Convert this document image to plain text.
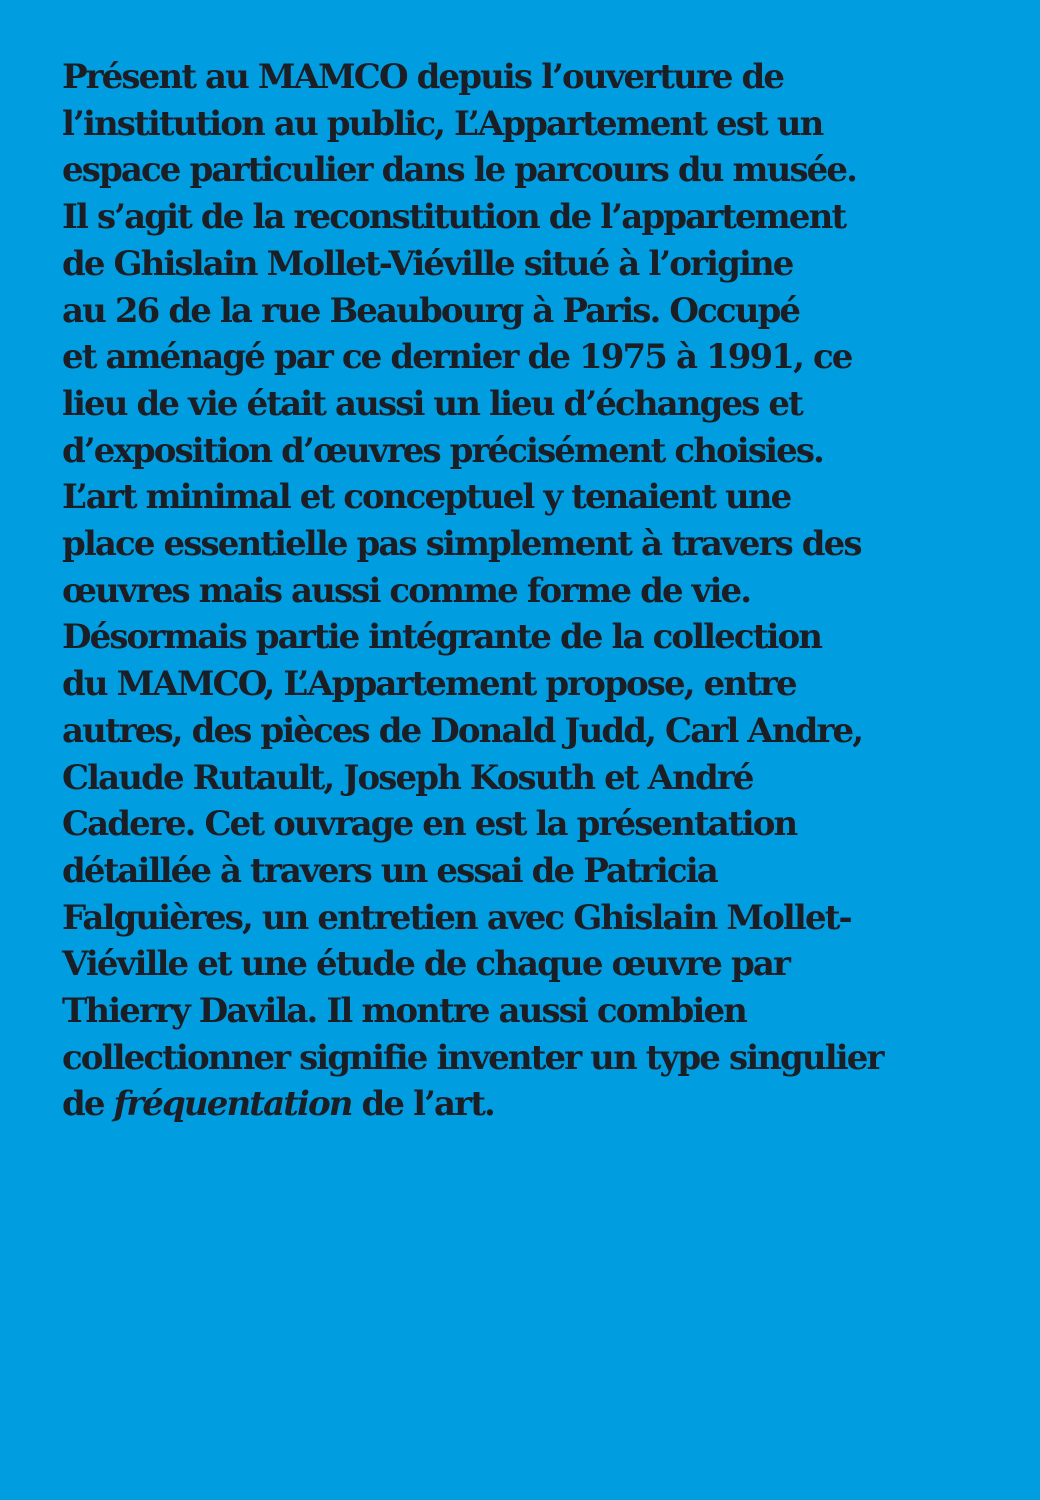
Présent au MAMCO depuis l’ouverture de
l’institution au public, L’Appartement est un
espace particulier dans le parcours du musée.
Il s’agit de la reconstitution de l’appartement
de Ghislain Mollet-Viéville situé à l’origine
au 26 de la rue Beaubourg à Paris. Occupé
et aménagé par ce dernier de 1975 à 1991, ce
lieu de vie était aussi un lieu d’échanges et
d’exposition d’œuvres précisément choisies.
L’art minimal et conceptuel y tenaient une
place essentielle pas simplement à travers des
œuvres mais aussi comme forme de vie.
Désormais partie intégrante de la collection
du MAMCO, L’Appartement propose, entre
autres, des pièces de Donald Judd, Carl Andre,
Claude Rutault, Joseph Kosuth et André
Cadere. Cet ouvrage en est la présentation
détaillée à travers un essai de Patricia
Falguières, un entretien avec Ghislain Mollet-
Viéville et une étude de chaque œuvre par
Thierry Davila. Il montre aussi combien
collectionner signifie inventer un type singulier
de fréquentation de l’art.
